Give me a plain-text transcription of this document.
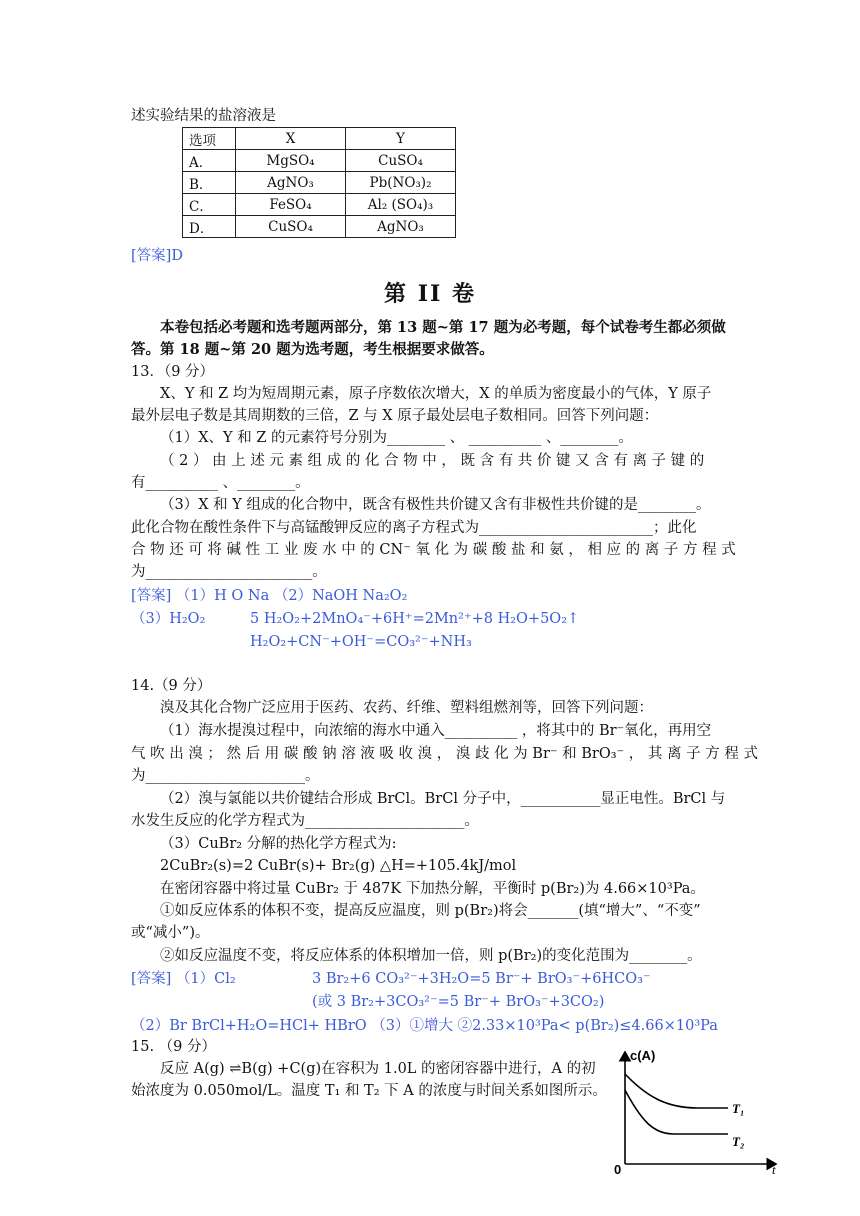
述实验结果的盐溶液是
选项	X	Y
A．	MgSO₄	CuSO₄
B．	AgNO₃	Pb(NO₃)₂
C．	FeSO₄	Al₂ (SO₄)₃
D．	CuSO₄	AgNO₃
[答案]D
第 II 卷
本卷包括必考题和选考题两部分，第 13 题~第 17 题为必考题，每个试卷考生都必须做
答。第 18 题~第 20 题为选考题，考生根据要求做答。
13．（9 分）
X、Y 和 Z 均为短周期元素，原子序数依次增大，X 的单质为密度最小的气体，Y 原子
最外层电子数是其周期数的三倍，Z 与 X 原子最处层电子数相同。回答下列问题：
（1）X、Y 和 Z 的元素符号分别为________ 、 __________ 、________。
（ 2 ） 由 上 述 元 素 组 成 的 化 合 物 中 ， 既 含 有 共 价 键 又 含 有 离 子 键 的
有__________ 、________。
（3）X 和 Y 组成的化合物中，既含有极性共价键又含有非极性共价键的是________。
此化合物在酸性条件下与高锰酸钾反应的离子方程式为________________________；此化
合 物 还 可 将 碱 性 工 业 废 水 中 的 CN⁻ 氧 化 为 碳 酸 盐 和 氨 ， 相 应 的 离 子 方 程 式
为_______________________。
[答案] （1）H O Na （2）NaOH Na₂O₂
（3）H₂O₂	5 H₂O₂+2MnO₄⁻+6H⁺=2Mn²⁺+8 H₂O+5O₂↑
H₂O₂+CN⁻+OH⁻=CO₃²⁻+NH₃
14.（9 分）
溴及其化合物广泛应用于医药、农药、纤维、塑料组燃剂等，回答下列问题：
（1）海水提溴过程中，向浓缩的海水中通入__________ ，将其中的 Br⁻氧化，再用空
气 吹 出 溴 ； 然 后 用 碳 酸 钠 溶 液 吸 收 溴 ， 溴 歧 化 为 Br⁻ 和 BrO₃⁻ ， 其 离 子 方 程 式
为______________________。
（2）溴与氯能以共价键结合形成 BrCl。BrCl 分子中，___________显正电性。BrCl 与
水发生反应的化学方程式为______________________。
（3）CuBr₂ 分解的热化学方程式为:
2CuBr₂(s)=2 CuBr(s)+ Br₂(g) △H=+105.4kJ/mol
在密闭容器中将过量 CuBr₂ 于 487K 下加热分解，平衡时 p(Br₂)为 4.66×10³Pa。
①如反应体系的体积不变，提高反应温度，则 p(Br₂)将会_______(填“增大”、“不变”
或“减小”)。
②如反应温度不变，将反应体系的体积增加一倍，则 p(Br₂)的变化范围为________。
[答案] （1）Cl₂	3 Br₂+6 CO₃²⁻+3H₂O=5 Br⁻+ BrO₃⁻+6HCO₃⁻
(或 3 Br₂+3CO₃²⁻=5 Br⁻+ BrO₃⁻+3CO₂)
（2）Br BrCl+H₂O=HCl+ HBrO （3）①增大 ②2.33×10³Pa< p(Br₂)≤4.66×10³Pa
15. （9 分）
反应 A(g) ⇌B(g) +C(g)在容积为 1.0L 的密闭容器中进行，A 的初
始浓度为 0.050mol/L。温度 T₁ 和 T₂ 下 A 的浓度与时间关系如图所示。
c(A)
t
0
T₁
T₂
